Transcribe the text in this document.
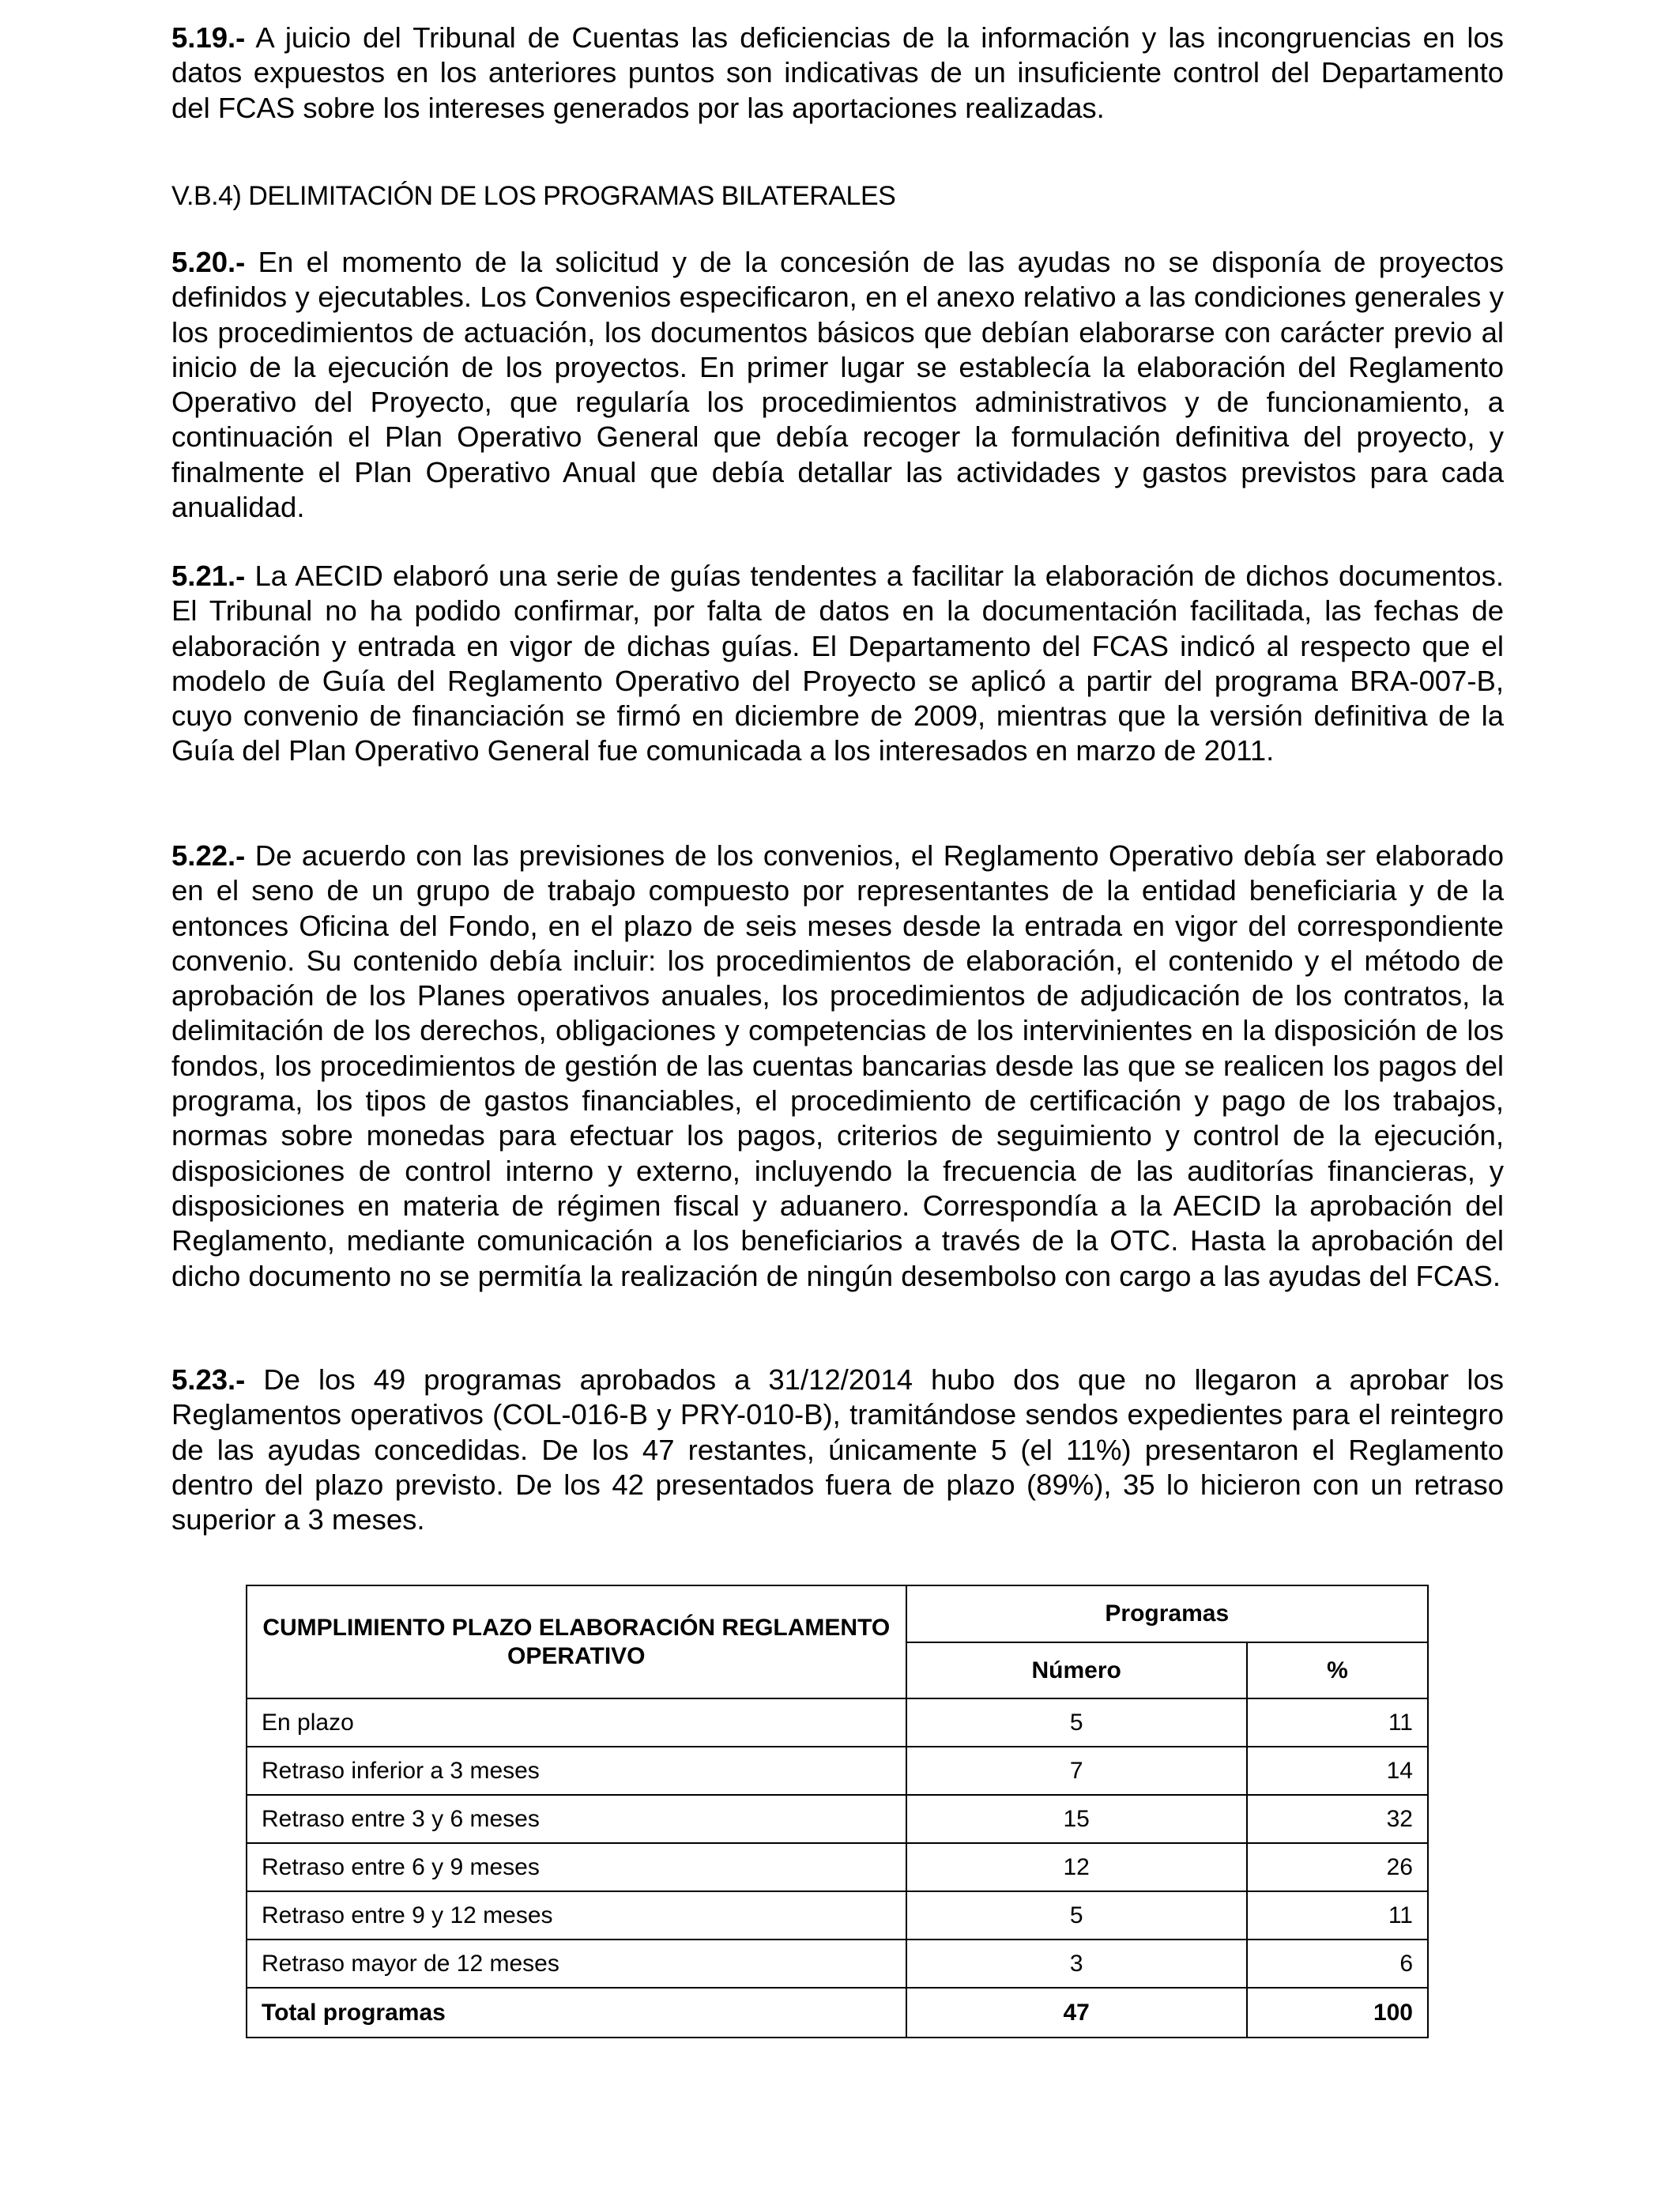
5.19.- A juicio del Tribunal de Cuentas las deficiencias de la información y las incongruencias en los datos expuestos en los anteriores puntos son indicativas de un insuficiente control del Departamento del FCAS sobre los intereses generados por las aportaciones realizadas.

V.B.4) DELIMITACIÓN DE LOS PROGRAMAS BILATERALES

5.20.- En el momento de la solicitud y de la concesión de las ayudas no se disponía de proyectos definidos y ejecutables. Los Convenios especificaron, en el anexo relativo a las condiciones generales y los procedimientos de actuación, los documentos básicos que debían elaborarse con carácter previo al inicio de la ejecución de los proyectos. En primer lugar se establecía la elaboración del Reglamento Operativo del Proyecto, que regularía los procedimientos administrativos y de funcionamiento, a continuación el Plan Operativo General que debía recoger la formulación definitiva del proyecto, y finalmente el Plan Operativo Anual que debía detallar las actividades y gastos previstos para cada anualidad.

5.21.- La AECID elaboró una serie de guías tendentes a facilitar la elaboración de dichos documentos. El Tribunal no ha podido confirmar, por falta de datos en la documentación facilitada, las fechas de elaboración y entrada en vigor de dichas guías. El Departamento del FCAS indicó al respecto que el modelo de Guía del Reglamento Operativo del Proyecto se aplicó a partir del programa BRA-007-B, cuyo convenio de financiación se firmó en diciembre de 2009, mientras que la versión definitiva de la Guía del Plan Operativo General fue comunicada a los interesados en marzo de 2011.

5.22.- De acuerdo con las previsiones de los convenios, el Reglamento Operativo debía ser elaborado en el seno de un grupo de trabajo compuesto por representantes de la entidad beneficiaria y de la entonces Oficina del Fondo, en el plazo de seis meses desde la entrada en vigor del correspondiente convenio. Su contenido debía incluir: los procedimientos de elaboración, el contenido y el método de aprobación de los Planes operativos anuales, los procedimientos de adjudicación de los contratos, la delimitación de los derechos, obligaciones y competencias de los intervinientes en la disposición de los fondos, los procedimientos de gestión de las cuentas bancarias desde las que se realicen los pagos del programa, los tipos de gastos financiables, el procedimiento de certificación y pago de los trabajos, normas sobre monedas para efectuar los pagos, criterios de seguimiento y control de la ejecución, disposiciones de control interno y externo, incluyendo la frecuencia de las auditorías financieras, y disposiciones en materia de régimen fiscal y aduanero. Correspondía a la AECID la aprobación del Reglamento, mediante comunicación a los beneficiarios a través de la OTC. Hasta la aprobación del dicho documento no se permitía la realización de ningún desembolso con cargo a las ayudas del FCAS.

5.23.- De los 49 programas aprobados a 31/12/2014 hubo dos que no llegaron a aprobar los Reglamentos operativos (COL-016-B y PRY-010-B), tramitándose sendos expedientes para el reintegro de las ayudas concedidas. De los 47 restantes, únicamente 5 (el 11%) presentaron el Reglamento dentro del plazo previsto. De los 42 presentados fuera de plazo (89%), 35 lo hicieron con un retraso superior a 3 meses.

CUMPLIMIENTO PLAZO ELABORACIÓN REGLAMENTO OPERATIVO	Programas	
	Número	%
En plazo	5	11
Retraso inferior a 3 meses	7	14
Retraso entre 3 y 6 meses	15	32
Retraso entre 6 y 9 meses	12	26
Retraso entre 9 y 12 meses	5	11
Retraso mayor de 12 meses	3	6
Total programas	47	100
